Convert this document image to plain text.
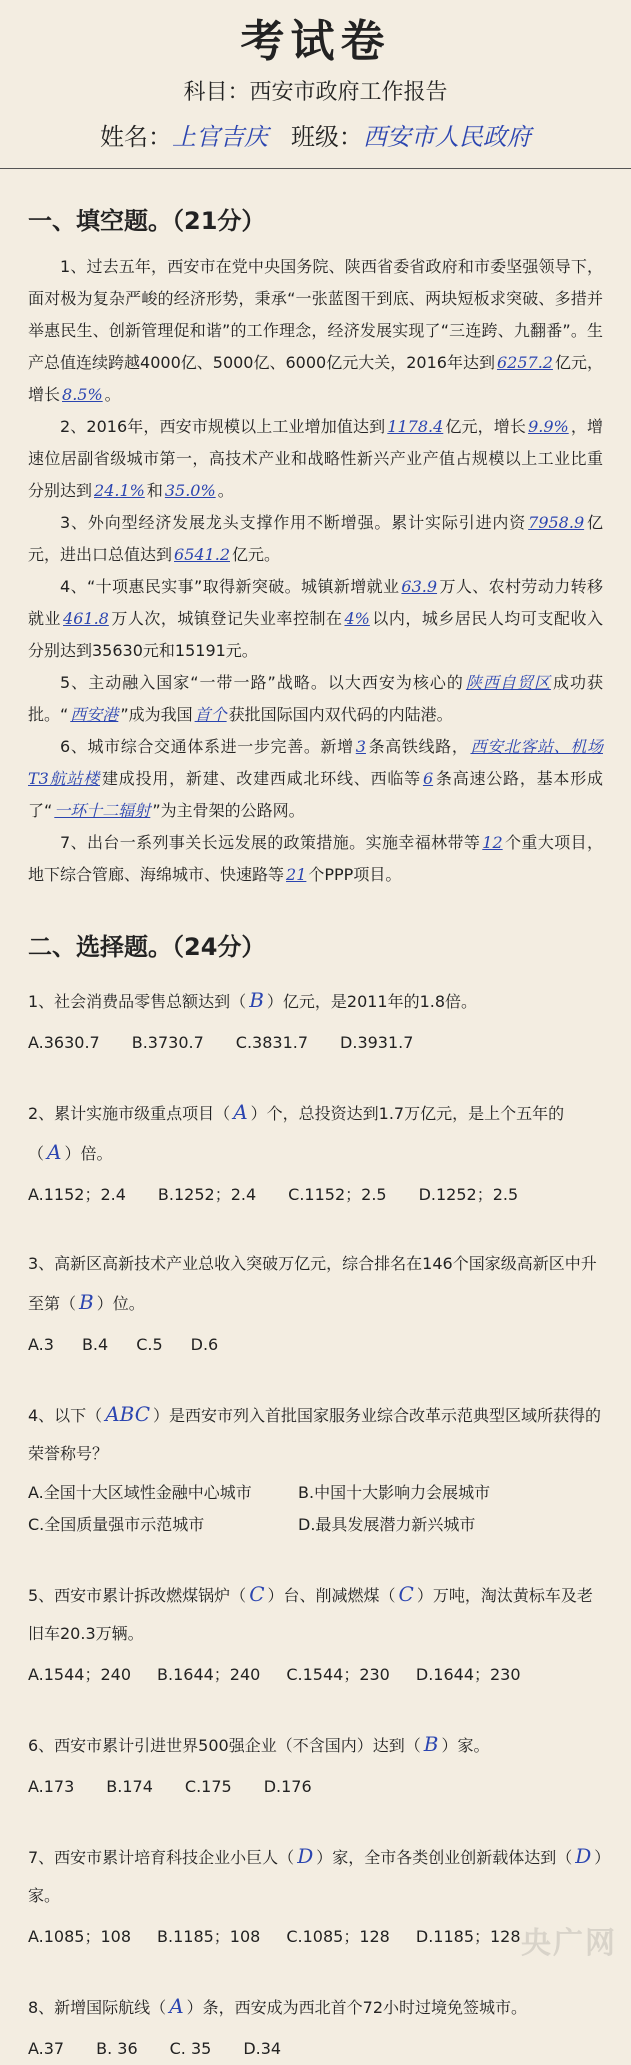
考试卷
科目：西安市政府工作报告
姓名：上官吉庆 班级：西安市人民政府
一、填空题。（21分）
1、过去五年，西安市在党中央国务院、陕西省委省政府和市委坚强领导下，面对极为复杂严峻的经济形势，秉承“一张蓝图干到底、两块短板求突破、多措并举惠民生、创新管理促和谐”的工作理念，经济发展实现了“三连跨、九翻番”。生产总值连续跨越4000亿、5000亿、6000亿元大关，2016年达到 6257.2 亿元，增长 8.5% 。
2、2016年，西安市规模以上工业增加值达到 1178.4 亿元，增长 9.9% ，增速位居副省级城市第一，高技术产业和战略性新兴产业产值占规模以上工业比重分别达到 24.1% 和 35.0% 。
3、外向型经济发展龙头支撑作用不断增强。累计实际引进内资 7958.9 亿元，进出口总值达到 6541.2 亿元。
4、“十项惠民实事”取得新突破。城镇新增就业 63.9 万人、农村劳动力转移就业 461.8 万人次，城镇登记失业率控制在 4% 以内，城乡居民人均可支配收入分别达到35630元和15191元。
5、主动融入国家“一带一路”战略。以大西安为核心的 陕西自贸区 成功获批。“ 西安港 ”成为我国 首个 获批国际国内双代码的内陆港。
6、城市综合交通体系进一步完善。新增 3 条高铁线路， 西安北客站、机场T3航站楼 建成投用，新建、改建西咸北环线、西临等 6 条高速公路，基本形成了“ 一环十二辐射 ”为主骨架的公路网。
7、出台一系列事关长远发展的政策措施。实施幸福林带等 12 个重大项目，地下综合管廊、海绵城市、快速路等 21 个PPP项目。
二、选择题。（24分）
1、社会消费品零售总额达到（ B ）亿元，是2011年的1.8倍。
A.3630.7 B.3730.7 C.3831.7 D.3931.7
2、累计实施市级重点项目（ A ）个，总投资达到1.7万亿元，是上个五年的（ A ）倍。
A.1152；2.4 B.1252；2.4 C.1152；2.5 D.1252；2.5
3、高新区高新技术产业总收入突破万亿元，综合排名在146个国家级高新区中升至第（ B ）位。
A.3 B.4 C.5 D.6
4、以下（ ABC ）是西安市列入首批国家服务业综合改革示范典型区域所获得的荣誉称号？
A.全国十大区域性金融中心城市	B.中国十大影响力会展城市
C.全国质量强市示范城市	D.最具发展潜力新兴城市
5、西安市累计拆改燃煤锅炉（ C ）台、削减燃煤（ C ）万吨，淘汰黄标车及老旧车20.3万辆。
A.1544；240 B.1644；240 C.1544；230 D.1644；230
6、西安市累计引进世界500强企业（不含国内）达到（ B ）家。
A.173 B.174 C.175 D.176
7、西安市累计培育科技企业小巨人（ D ）家，全市各类创业创新载体达到（ D ）家。
A.1085；108 B.1185；108 C.1085；128 D.1185；128
8、新增国际航线（ A ）条，西安成为西北首个72小时过境免签城市。
A.37 B. 36 C. 35 D.34
央广网
